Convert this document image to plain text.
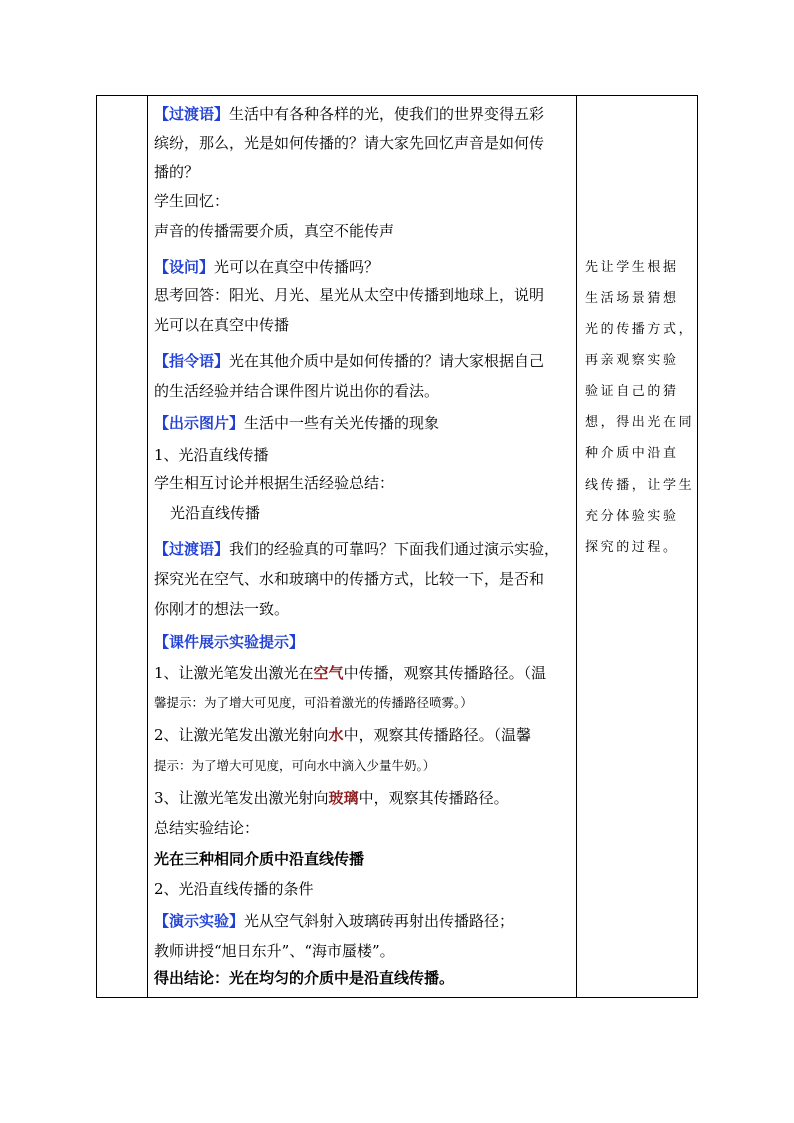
【过渡语】生活中有各种各样的光，使我们的世界变得五彩
缤纷，那么，光是如何传播的？请大家先回忆声音是如何传
播的？
学生回忆：
声音的传播需要介质，真空不能传声
【设问】光可以在真空中传播吗？
思考回答：阳光、月光、星光从太空中传播到地球上，说明
光可以在真空中传播
【指令语】光在其他介质中是如何传播的？请大家根据自己
的生活经验并结合课件图片说出你的看法。
【出示图片】生活中一些有关光传播的现象
1、光沿直线传播
学生相互讨论并根据生活经验总结：
光沿直线传播
【过渡语】我们的经验真的可靠吗？下面我们通过演示实验，
探究光在空气、水和玻璃中的传播方式，比较一下，是否和
你刚才的想法一致。
【课件展示实验提示】
1、让激光笔发出激光在空气中传播，观察其传播路径。（温
馨提示：为了增大可见度，可沿着激光的传播路径喷雾。）
2、让激光笔发出激光射向水中，观察其传播路径。（温馨
提示：为了增大可见度，可向水中滴入少量牛奶。）
3、让激光笔发出激光射向玻璃中，观察其传播路径。
总结实验结论：
光在三种相同介质中沿直线传播
2、光沿直线传播的条件
【演示实验】光从空气斜射入玻璃砖再射出传播路径；
教师讲授“旭日东升”、“海市蜃楼”。
得出结论：光在均匀的介质中是沿直线传播。
先让学生根据
生活场景猜想
光的传播方式，
再亲观察实验
验证自己的猜
想，得出光在同
种介质中沿直
线传播，让学生
充分体验实验
探究的过程。
